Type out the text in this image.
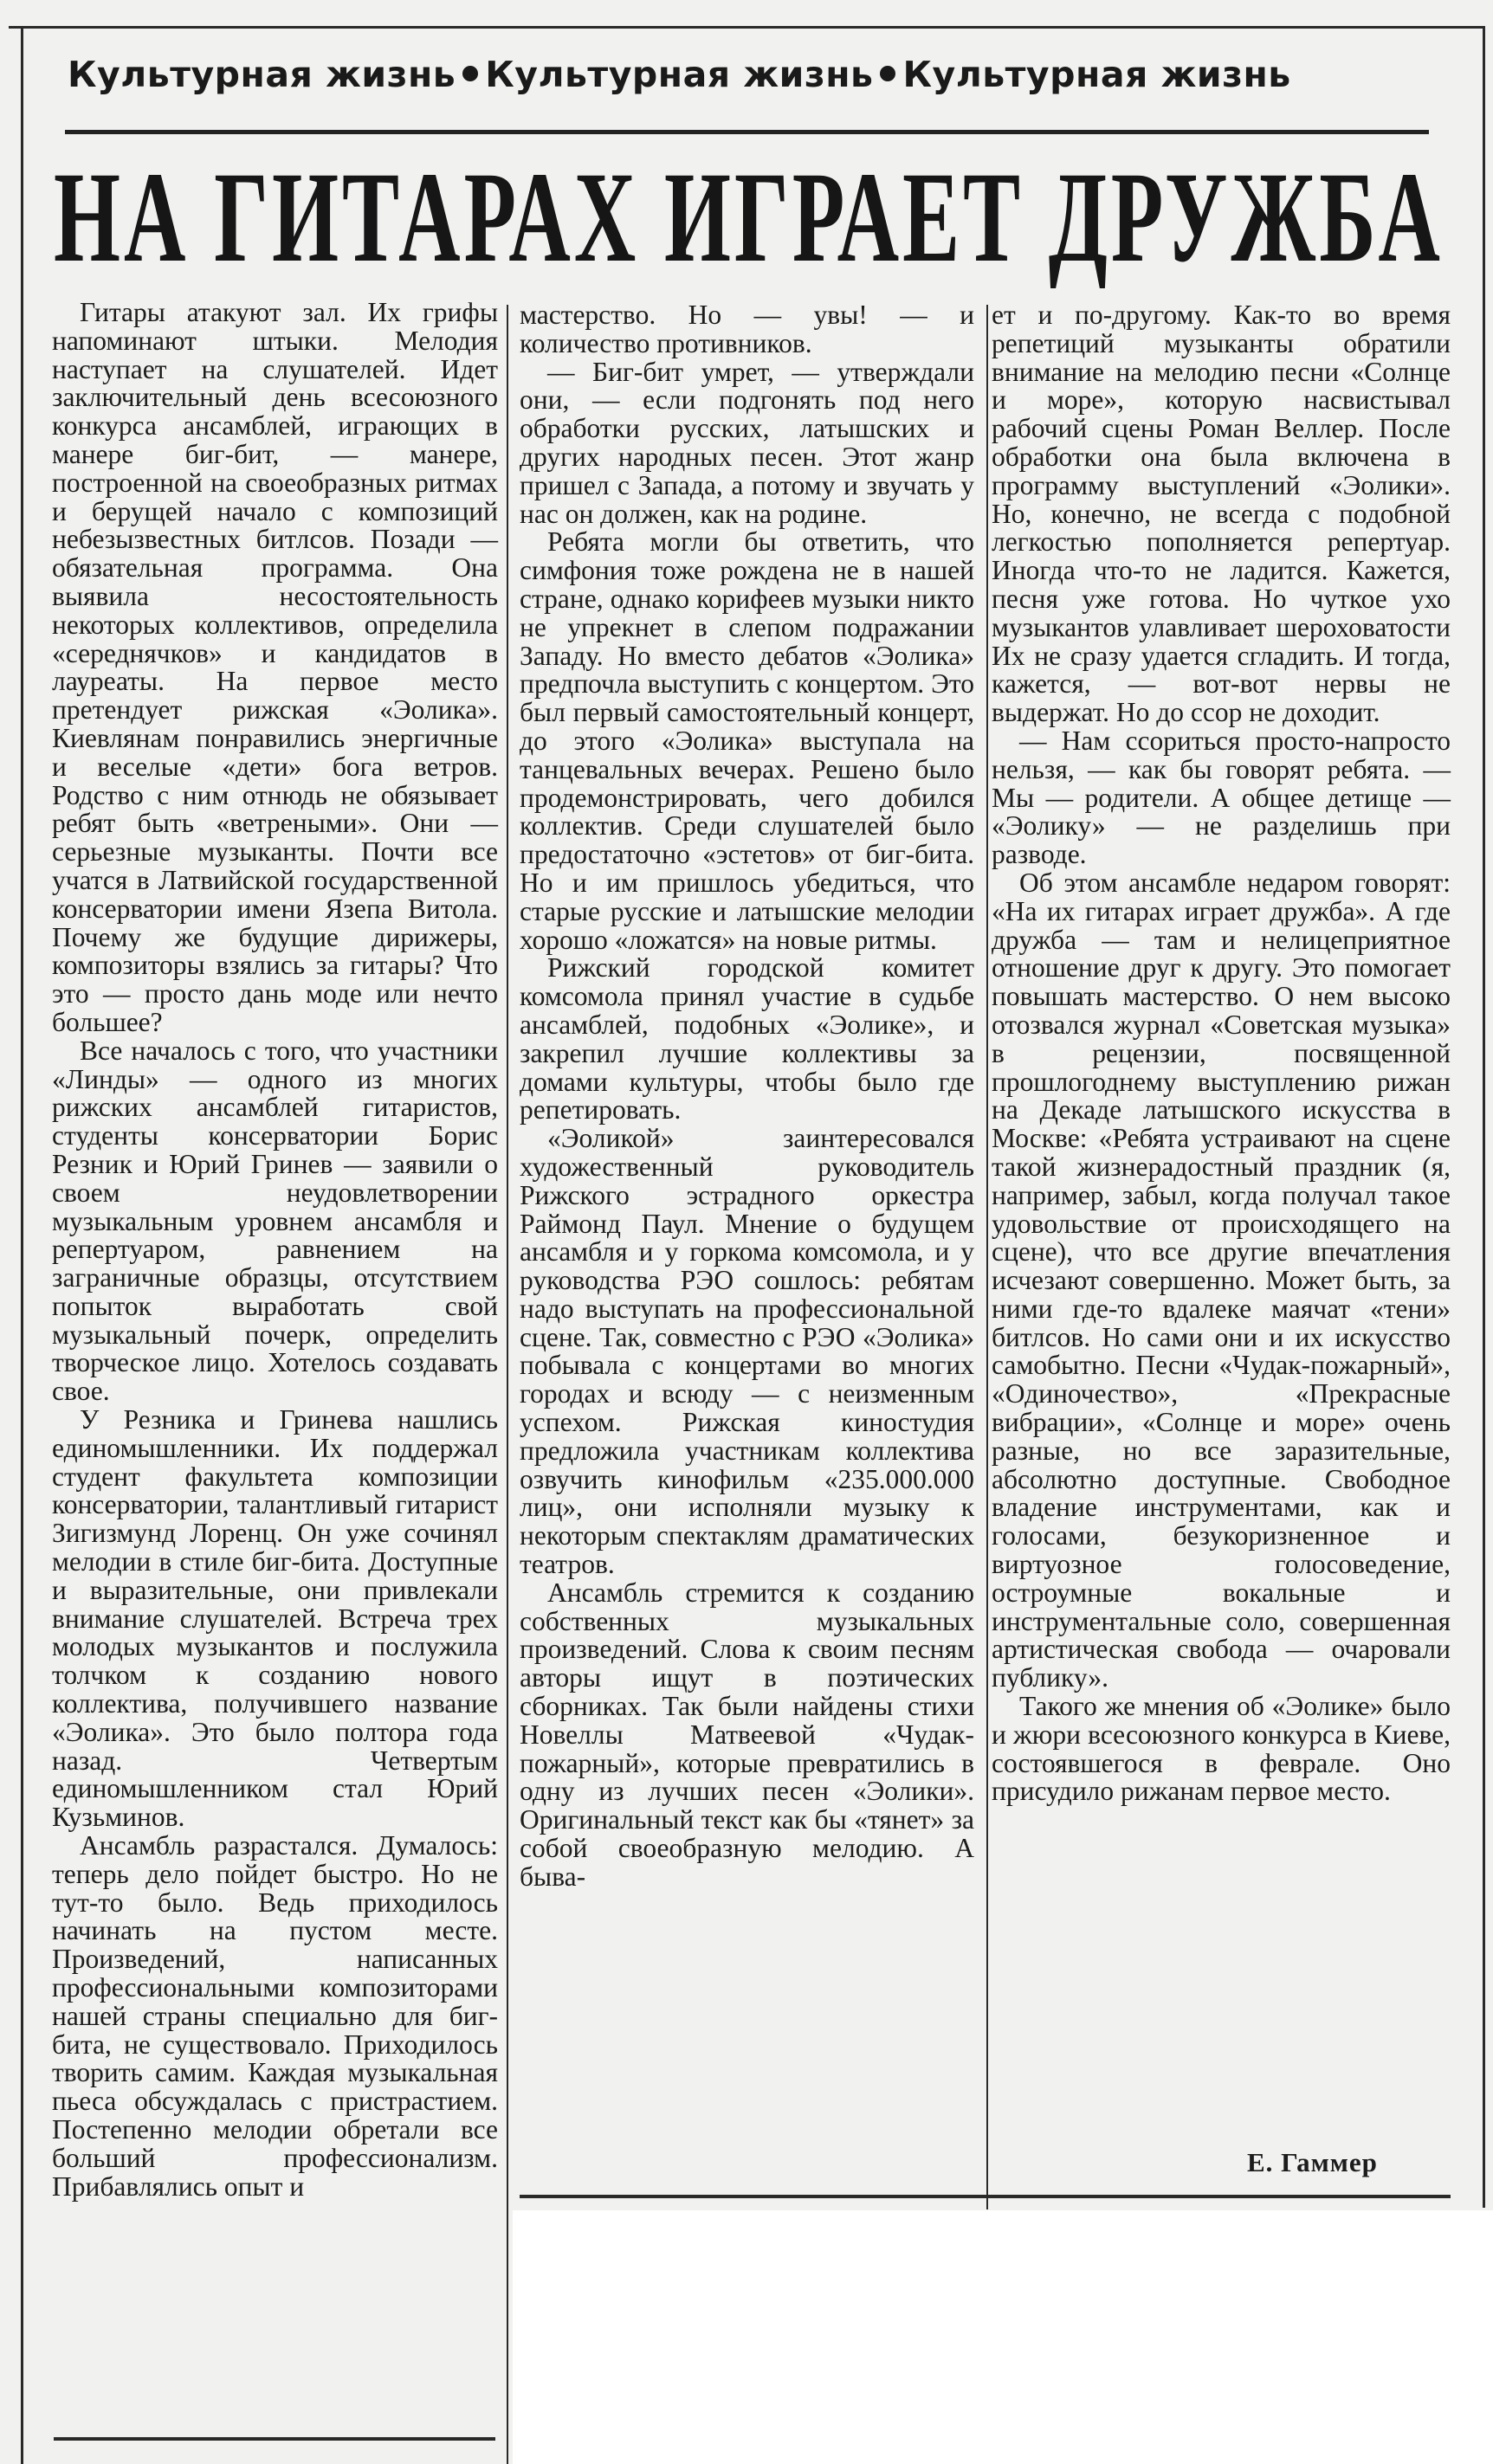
Культурная жизнь Культурная жизнь Культурная жизнь
НА ГИТАРАХ ИГРАЕТ ДРУЖБА

Гитары атакуют зал. Их грифы напоминают штыки. Мелодия наступает на слушателей. Идет заключительный день всесоюзного конкурса ансамблей, играющих в манере биг-бит, — манере, построенной на своеобразных ритмах и берущей начало с композиций небезызвестных битлсов. Позади — обязательная программа. Она выявила несостоятельность некоторых коллективов, определила «середнячков» и кандидатов в лауреаты. На первое место претендует рижская «Эолика». Киевлянам понравились энергичные и веселые «дети» бога ветров. Родство с ним отнюдь не обязывает ребят быть «ветреными». Они — серьезные музыканты. Почти все учатся в Латвийской государственной консерватории имени Язепа Витола. Почему же будущие дирижеры, композиторы взялись за гитары? Что это — просто дань моде или нечто большее?

Все началось с того, что участники «Линды» — одного из многих рижских ансамблей гитаристов, студенты консерватории Борис Резник и Юрий Гринев — заявили о своем неудовлетворении музыкальным уровнем ансамбля и репертуаром, равнением на заграничные образцы, отсутствием попыток выработать свой музыкальный почерк, определить творческое лицо. Хотелось создавать свое.

У Резника и Гринева нашлись единомышленники. Их поддержал студент факультета композиции консерватории, талантливый гитарист Зигизмунд Лоренц. Он уже сочинял мелодии в стиле биг-бита. Доступные и выразительные, они привлекали внимание слушателей. Встреча трех молодых музыкантов и послужила толчком к созданию нового коллектива, получившего название «Эолика». Это было полтора года назад. Четвертым единомышленником стал Юрий Кузьминов.

Ансамбль разрастался. Думалось: теперь дело пойдет быстро. Но не тут-то было. Ведь приходилось начинать на пустом месте. Произведений, написанных профессиональными композиторами нашей страны специально для биг-бита, не существовало. Приходилось творить самим. Каждая музыкальная пьеса обсуждалась с пристрастием. Постепенно мелодии обретали все больший профессионализм. Прибавлялись опыт и

мастерство. Но — увы! — и количество противников.

— Биг-бит умрет, — утверждали они, — если подгонять под него обработки русских, латышских и других народных песен. Этот жанр пришел с Запада, а потому и звучать у нас он должен, как на родине.

Ребята могли бы ответить, что симфония тоже рождена не в нашей стране, однако корифеев музыки никто не упрекнет в слепом подражании Западу. Но вместо дебатов «Эолика» предпочла выступить с концертом. Это был первый самостоятельный концерт, до этого «Эолика» выступала на танцевальных вечерах. Решено было продемонстрировать, чего добился коллектив. Среди слушателей было предостаточно «эстетов» от биг-бита. Но и им пришлось убедиться, что старые русские и латышские мелодии хорошо «ложатся» на новые ритмы.

Рижский городской комитет комсомола принял участие в судьбе ансамблей, подобных «Эолике», и закрепил лучшие коллективы за домами культуры, чтобы было где репетировать.

«Эоликой» заинтересовался художественный руководитель Рижского эстрадного оркестра Раймонд Паул. Мнение о будущем ансамбля и у горкома комсомола, и у руководства РЭО сошлось: ребятам надо выступать на профессиональной сцене. Так, совместно с РЭО «Эолика» побывала с концертами во многих городах и всюду — с неизменным успехом. Рижская киностудия предложила участникам коллектива озвучить кинофильм «235.000.000 лиц», они исполняли музыку к некоторым спектаклям драматических театров.

Ансамбль стремится к созданию собственных музыкальных произведений. Слова к своим песням авторы ищут в поэтических сборниках. Так были найдены стихи Новеллы Матвеевой «Чудак-пожарный», которые превратились в одну из лучших песен «Эолики». Оригинальный текст как бы «тянет» за собой своеобразную мелодию. А быва-

ет и по-другому. Как-то во время репетиций музыканты обратили внимание на мелодию песни «Солнце и море», которую насвистывал рабочий сцены Роман Веллер. После обработки она была включена в программу выступлений «Эолики». Но, конечно, не всегда с подобной легкостью пополняется репертуар. Иногда что-то не ладится. Кажется, песня уже готова. Но чуткое ухо музыкантов улавливает шероховатости Их не сразу удается сгладить. И тогда, кажется, — вот-вот нервы не выдержат. Но до ссор не доходит.

— Нам ссориться просто-напросто нельзя, — как бы говорят ребята. — Мы — родители. А общее детище — «Эолику» — не разделишь при разводе.

Об этом ансамбле недаром говорят: «На их гитарах играет дружба». А где дружба — там и нелицеприятное отношение друг к другу. Это помогает повышать мастерство. О нем высоко отозвался журнал «Советская музыка» в рецензии, посвященной прошлогоднему выступлению рижан на Декаде латышского искусства в Москве: «Ребята устраивают на сцене такой жизнерадостный праздник (я, например, забыл, когда получал такое удовольствие от происходящего на сцене), что все другие впечатления исчезают совершенно. Может быть, за ними где-то вдалеке маячат «тени» битлсов. Но сами они и их искусство самобытно. Песни «Чудак-пожарный», «Одиночество», «Прекрасные вибрации», «Солнце и море» очень разные, но все заразительные, абсолютно доступные. Свободное владение инструментами, как и голосами, безукоризненное и виртуозное голосоведение, остроумные вокальные и инструментальные соло, совершенная артистическая свобода — очаровали публику».

Такого же мнения об «Эолике» было и жюри всесоюзного конкурса в Киеве, состоявшегося в феврале. Оно присудило рижанам первое место.

Е. Гаммер
